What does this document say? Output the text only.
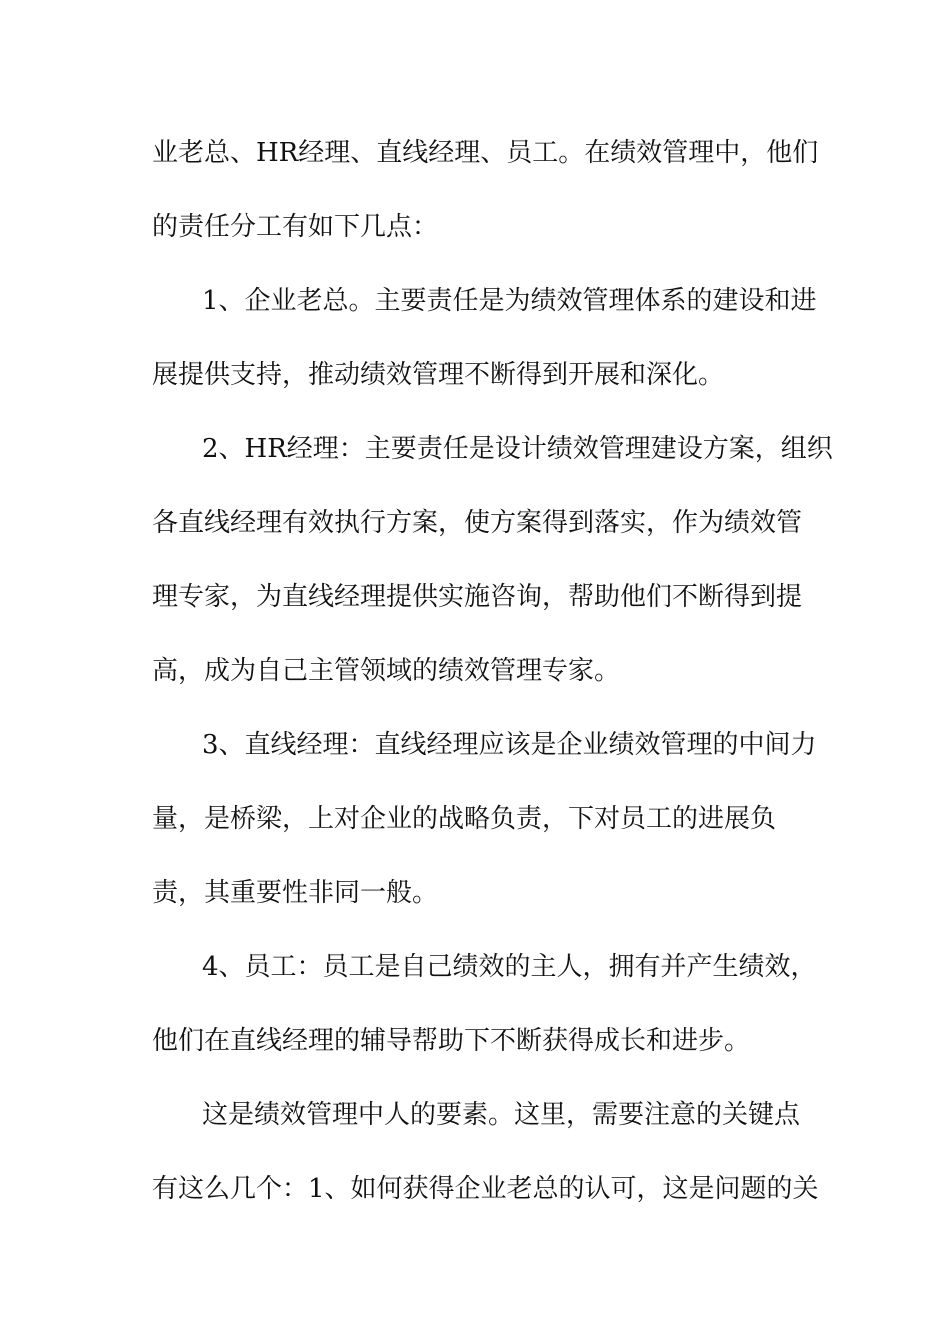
业老总、HR经理、直线经理、员工。在绩效管理中，他们

的责任分工有如下几点：

1、企业老总。主要责任是为绩效管理体系的建设和进

展提供支持，推动绩效管理不断得到开展和深化。

2、HR经理：主要责任是设计绩效管理建设方案，组织

各直线经理有效执行方案，使方案得到落实，作为绩效管

理专家，为直线经理提供实施咨询，帮助他们不断得到提

高，成为自己主管领域的绩效管理专家。

3、直线经理：直线经理应该是企业绩效管理的中间力

量，是桥梁，上对企业的战略负责，下对员工的进展负

责，其重要性非同一般。

4、员工：员工是自己绩效的主人，拥有并产生绩效，

他们在直线经理的辅导帮助下不断获得成长和进步。

这是绩效管理中人的要素。这里，需要注意的关键点

有这么几个：1、如何获得企业老总的认可，这是问题的关
